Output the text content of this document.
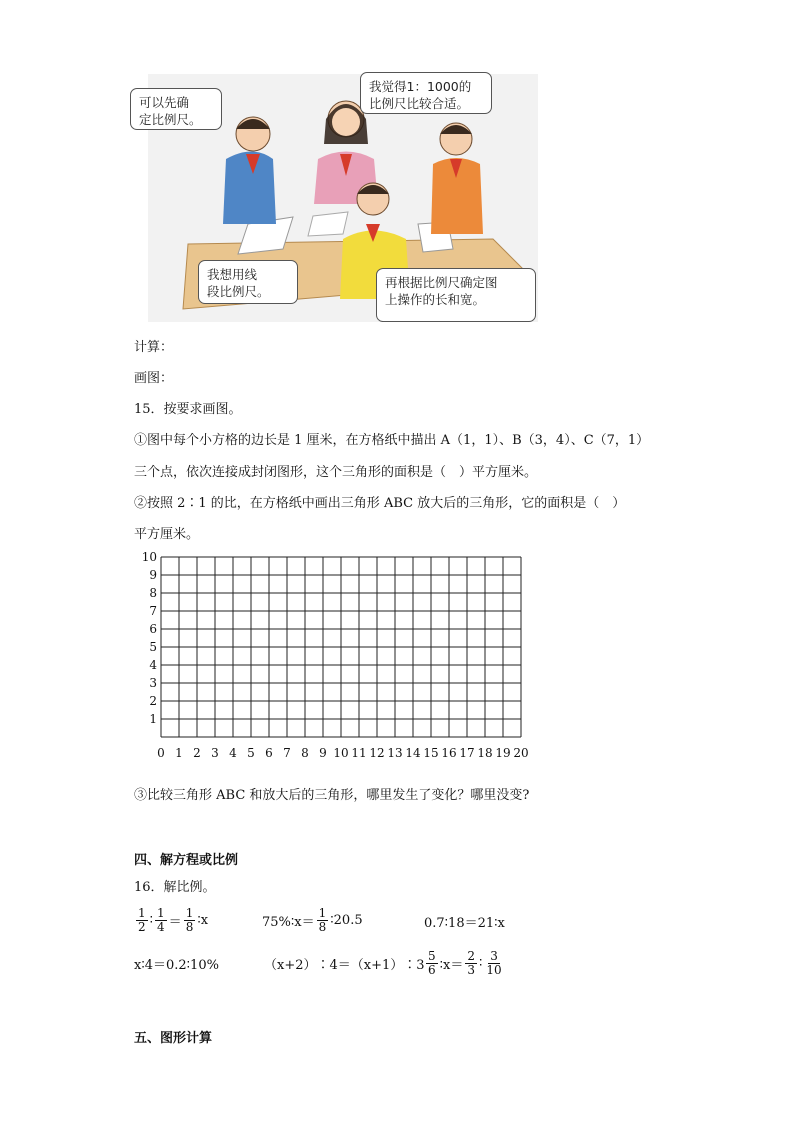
可以先确
定比例尺。
我觉得1：1000的
比例尺比较合适。
我想用线
段比例尺。
再根据比例尺确定图
上操作的长和宽。
计算：
画图：
15．按要求画图。
①图中每个小方格的边长是 1 厘米，在方格纸中描出 A（1，1）、B（3，4）、C（7，1）
三个点，依次连接成封闭图形，这个三角形的面积是（　）平方厘米。
②按照 2∶1 的比，在方格纸中画出三角形 ABC 放大后的三角形，它的面积是（　）
平方厘米。
0 1 2 3 4 5 6 7 8 9 10 11 12 13 14 15 16 17 18 19 20
1
2
3
4
5
6
7
8
9
10
③比较三角形 ABC 和放大后的三角形，哪里发生了变化？哪里没变?
四、解方程或比例
16．解比例。
$\frac{1}{2}$ ∶ $\frac{1}{4} = \frac{1}{8}$ ∶x	75%∶x＝ $\frac{1}{8}$ ∶20.5	0.7∶18＝21∶x
x∶4＝0.2∶10%	（x+2）∶4＝（x+1）∶3 $\frac{5}{6}$ ∶x＝ $\frac{2}{3}$ ∶ $\frac{3}{10}$
五、图形计算
